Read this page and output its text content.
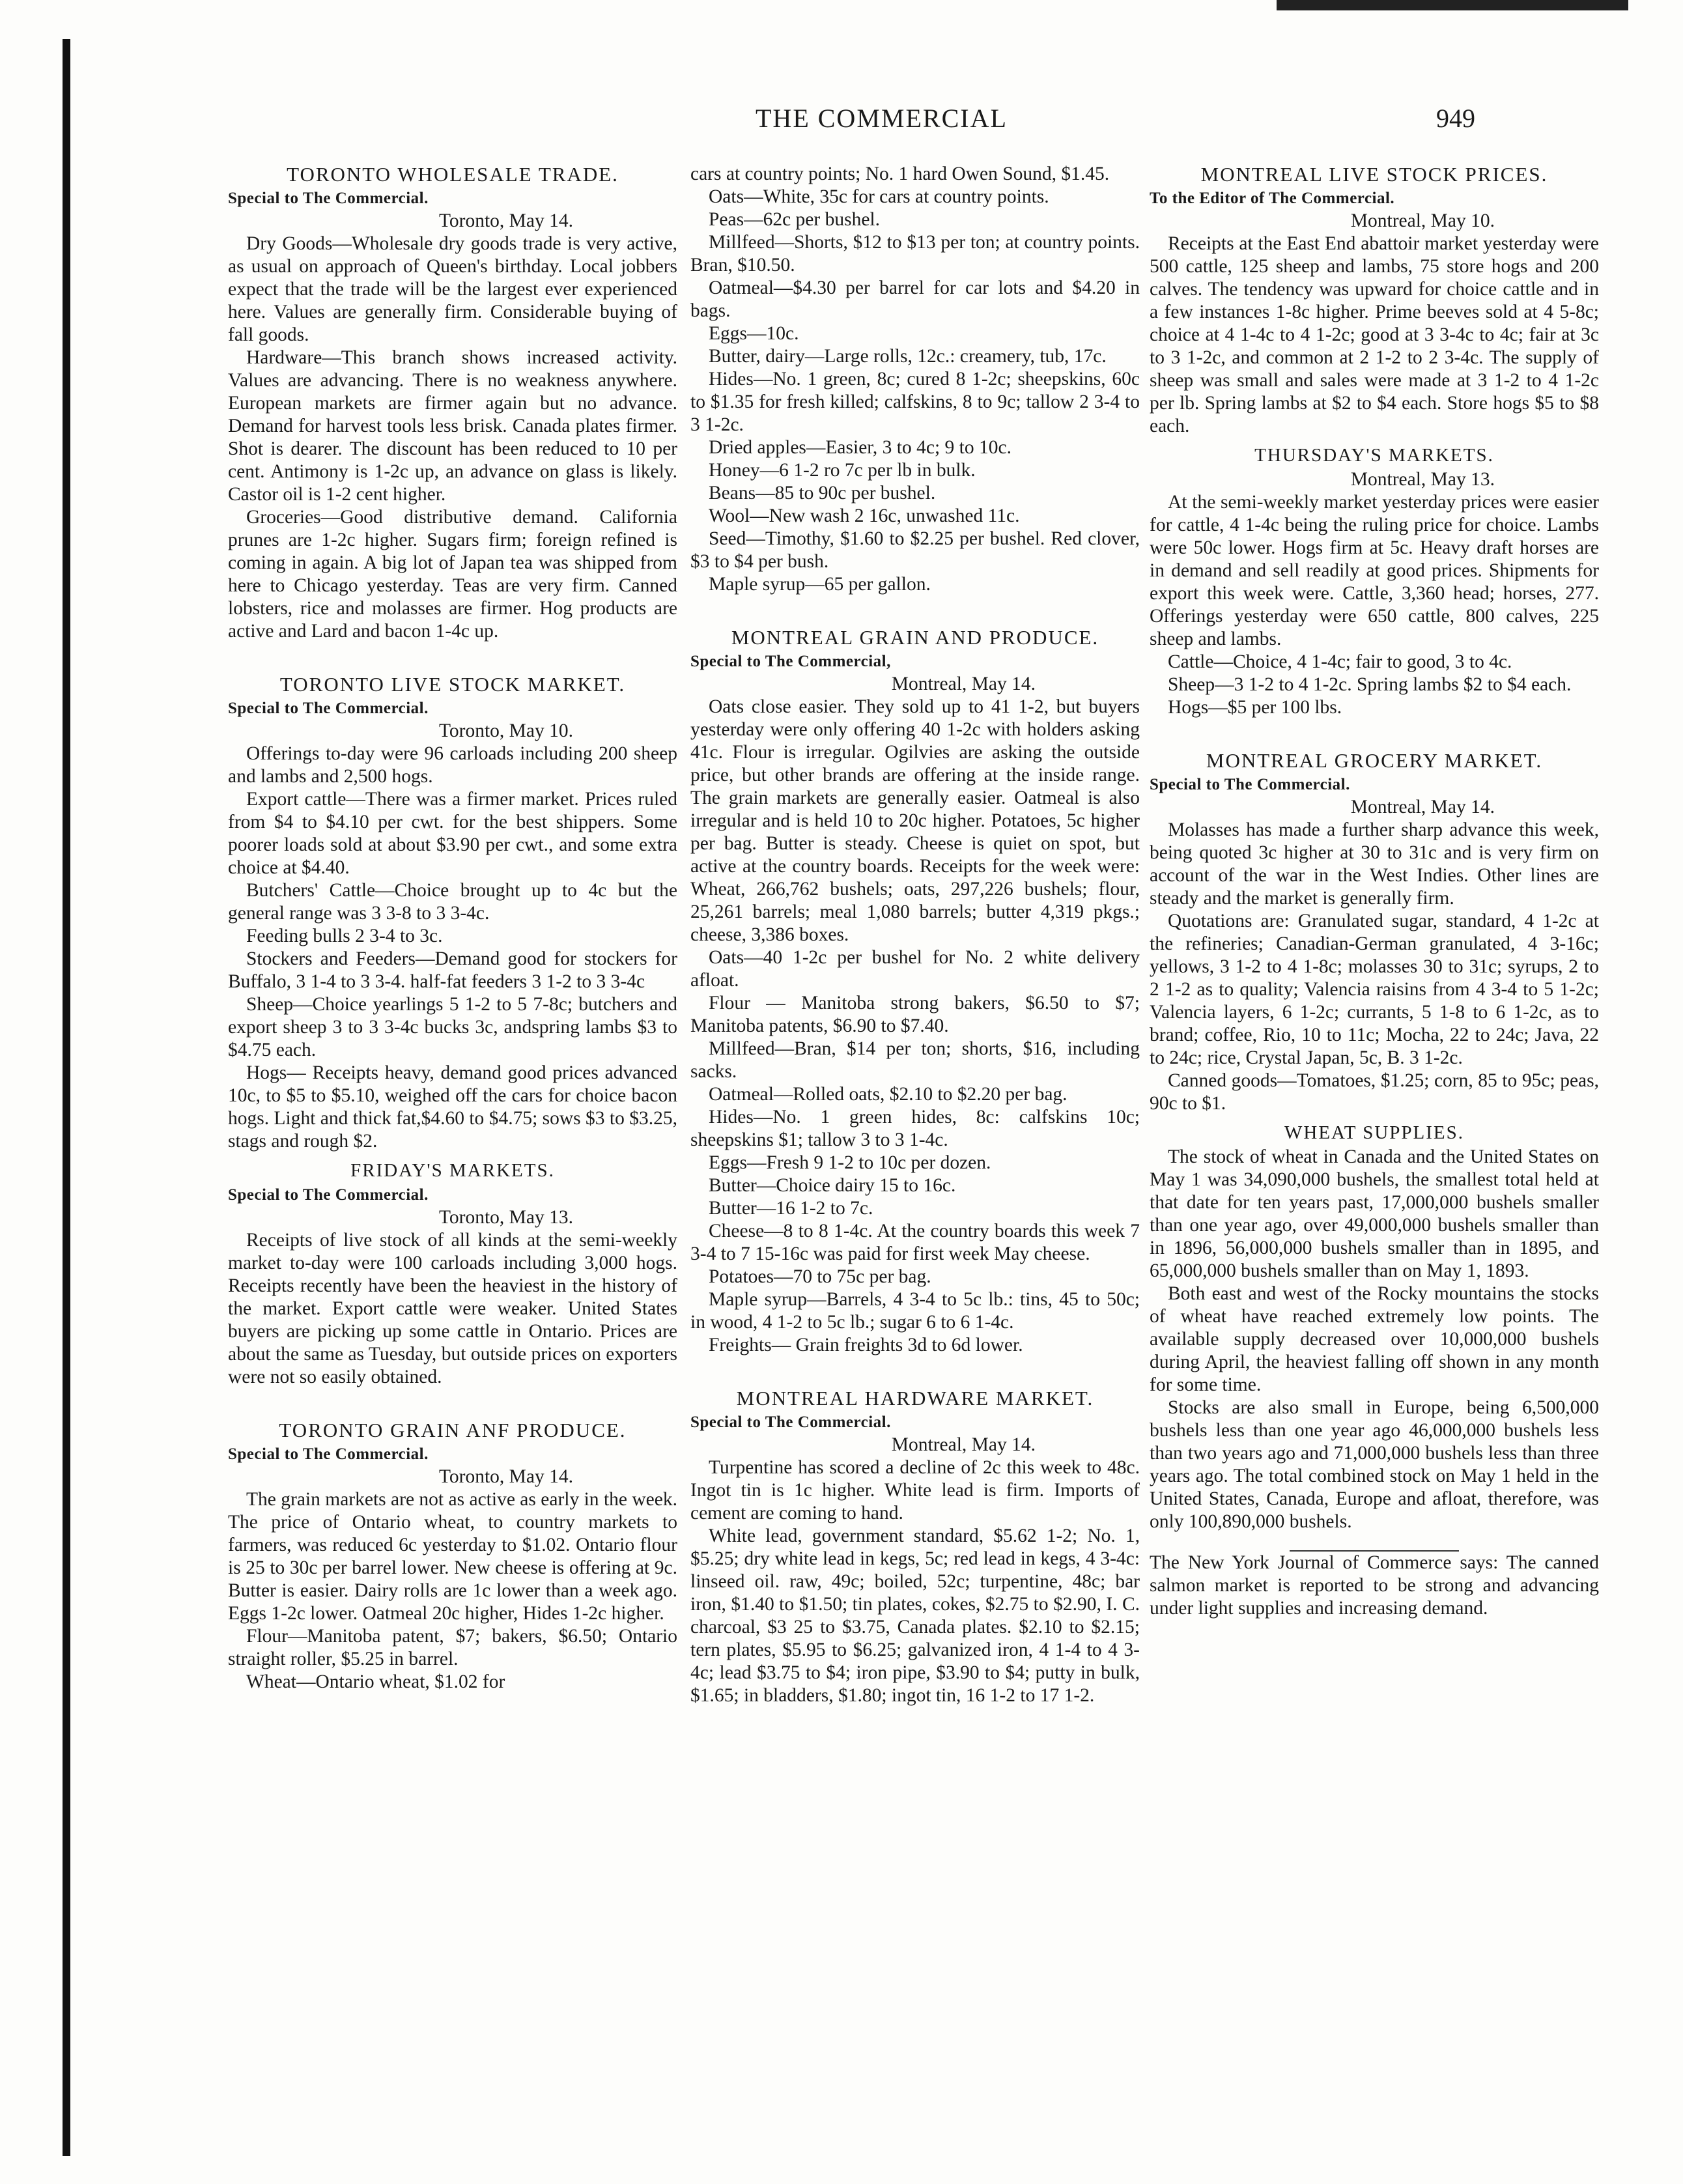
THE COMMERCIAL	949
TORONTO WHOLESALE TRADE.
Special to The Commercial.
Toronto, May 14.

Dry Goods—Wholesale dry goods trade is very active, as usual on approach of Queen's birthday. Local jobbers expect that the trade will be the largest ever experienced here. Values are generally firm. Considerable buying of fall goods.

Hardware—This branch shows increased activity. Values are advancing. There is no weakness anywhere. European markets are firmer again but no advance. Demand for harvest tools less brisk. Canada plates firmer. Shot is dearer. The discount has been reduced to 10 per cent. Antimony is 1-2c up, an advance on glass is likely. Castor oil is 1-2 cent higher.

Groceries—Good distributive demand. California prunes are 1-2c higher. Sugars firm; foreign refined is coming in again. A big lot of Japan tea was shipped from here to Chicago yesterday. Teas are very firm. Canned lobsters, rice and molasses are firmer. Hog products are active and Lard and bacon 1-4c up.

TORONTO LIVE STOCK MARKET.
Special to The Commercial.
Toronto, May 10.

Offerings to-day were 96 carloads including 200 sheep and lambs and 2,500 hogs.

Export cattle—There was a firmer market. Prices ruled from $4 to $4.10 per cwt. for the best shippers. Some poorer loads sold at about $3.90 per cwt., and some extra choice at $4.40.

Butchers' Cattle—Choice brought up to 4c but the general range was 3 3-8 to 3 3-4c.

Feeding bulls 2 3-4 to 3c.

Stockers and Feeders—Demand good for stockers for Buffalo, 3 1-4 to 3 3-4. half-fat feeders 3 1-2 to 3 3-4c

Sheep—Choice yearlings 5 1-2 to 5 7-8c; butchers and export sheep 3 to 3 3-4c bucks 3c, andspring lambs $3 to $4.75 each.

Hogs— Receipts heavy, demand good prices advanced 10c, to $5 to $5.10, weighed off the cars for choice bacon hogs. Light and thick fat,$4.60 to $4.75; sows $3 to $3.25, stags and rough $2.

FRIDAY'S MARKETS.
Special to The Commercial.
Toronto, May 13.

Receipts of live stock of all kinds at the semi-weekly market to-day were 100 carloads including 3,000 hogs. Receipts recently have been the heaviest in the history of the market. Export cattle were weaker. United States buyers are picking up some cattle in Ontario. Prices are about the same as Tuesday, but outside prices on exporters were not so easily obtained.

TORONTO GRAIN ANF PRODUCE.
Special to The Commercial.
Toronto, May 14.

The grain markets are not as active as early in the week. The price of Ontario wheat, to country markets to farmers, was reduced 6c yesterday to $1.02. Ontario flour is 25 to 30c per barrel lower. New cheese is offering at 9c. Butter is easier. Dairy rolls are 1c lower than a week ago. Eggs 1-2c lower. Oatmeal 20c higher, Hides 1-2c higher.

Flour—Manitoba patent, $7; bakers, $6.50; Ontario straight roller, $5.25 in barrel.

Wheat—Ontario wheat, $1.02 for

cars at country points; No. 1 hard Owen Sound, $1.45.

Oats—White, 35c for cars at country points.

Peas—62c per bushel.

Millfeed—Shorts, $12 to $13 per ton; at country points. Bran, $10.50.

Oatmeal—$4.30 per barrel for car lots and $4.20 in bags.

Eggs—10c.

Butter, dairy—Large rolls, 12c.: creamery, tub, 17c.

Hides—No. 1 green, 8c; cured 8 1-2c; sheepskins, 60c to $1.35 for fresh killed; calfskins, 8 to 9c; tallow 2 3-4 to 3 1-2c.

Dried apples—Easier, 3 to 4c; 9 to 10c.

Honey—6 1-2 ro 7c per lb in bulk.

Beans—85 to 90c per bushel.

Wool—New wash 2 16c, unwashed 11c.

Seed—Timothy, $1.60 to $2.25 per bushel. Red clover, $3 to $4 per bush.

Maple syrup—65 per gallon.

MONTREAL GRAIN AND PRODUCE.
Special to The Commercial,
Montreal, May 14.

Oats close easier. They sold up to 41 1-2, but buyers yesterday were only offering 40 1-2c with holders asking 41c. Flour is irregular. Ogilvies are asking the outside price, but other brands are offering at the inside range. The grain markets are generally easier. Oatmeal is also irregular and is held 10 to 20c higher. Potatoes, 5c higher per bag. Butter is steady. Cheese is quiet on spot, but active at the country boards. Receipts for the week were: Wheat, 266,762 bushels; oats, 297,226 bushels; flour, 25,261 barrels; meal 1,080 barrels; butter 4,319 pkgs.; cheese, 3,386 boxes.

Oats—40 1-2c per bushel for No. 2 white delivery afloat.

Flour — Manitoba strong bakers, $6.50 to $7; Manitoba patents, $6.90 to $7.40.

Millfeed—Bran, $14 per ton; shorts, $16, including sacks.

Oatmeal—Rolled oats, $2.10 to $2.20 per bag.

Hides—No. 1 green hides, 8c: calfskins 10c; sheepskins $1; tallow 3 to 3 1-4c.

Eggs—Fresh 9 1-2 to 10c per dozen.

Butter—Choice dairy 15 to 16c.

Butter—16 1-2 to 7c.

Cheese—8 to 8 1-4c. At the country boards this week 7 3-4 to 7 15-16c was paid for first week May cheese.

Potatoes—70 to 75c per bag.

Maple syrup—Barrels, 4 3-4 to 5c lb.: tins, 45 to 50c; in wood, 4 1-2 to 5c lb.; sugar 6 to 6 1-4c.

Freights— Grain freights 3d to 6d lower.

MONTREAL HARDWARE MARKET.
Special to The Commercial.
Montreal, May 14.

Turpentine has scored a decline of 2c this week to 48c. Ingot tin is 1c higher. White lead is firm. Imports of cement are coming to hand.

White lead, government standard, $5.62 1-2; No. 1, $5.25; dry white lead in kegs, 5c; red lead in kegs, 4 3-4c: linseed oil. raw, 49c; boiled, 52c; turpentine, 48c; bar iron, $1.40 to $1.50; tin plates, cokes, $2.75 to $2.90, I. C. charcoal, $3 25 to $3.75, Canada plates. $2.10 to $2.15; tern plates, $5.95 to $6.25; galvanized iron, 4 1-4 to 4 3-4c; lead $3.75 to $4; iron pipe, $3.90 to $4; putty in bulk, $1.65; in bladders, $1.80; ingot tin, 16 1-2 to 17 1-2.

MONTREAL LIVE STOCK PRICES.
To the Editor of The Commercial.
Montreal, May 10.

Receipts at the East End abattoir market yesterday were 500 cattle, 125 sheep and lambs, 75 store hogs and 200 calves. The tendency was upward for choice cattle and in a few instances 1-8c higher. Prime beeves sold at 4 5-8c; choice at 4 1-4c to 4 1-2c; good at 3 3-4c to 4c; fair at 3c to 3 1-2c, and common at 2 1-2 to 2 3-4c. The supply of sheep was small and sales were made at 3 1-2 to 4 1-2c per lb. Spring lambs at $2 to $4 each. Store hogs $5 to $8 each.

THURSDAY'S MARKETS.
Montreal, May 13.

At the semi-weekly market yesterday prices were easier for cattle, 4 1-4c being the ruling price for choice. Lambs were 50c lower. Hogs firm at 5c. Heavy draft horses are in demand and sell readily at good prices. Shipments for export this week were. Cattle, 3,360 head; horses, 277. Offerings yesterday were 650 cattle, 800 calves, 225 sheep and lambs.

Cattle—Choice, 4 1-4c; fair to good, 3 to 4c.

Sheep—3 1-2 to 4 1-2c. Spring lambs $2 to $4 each.

Hogs—$5 per 100 lbs.

MONTREAL GROCERY MARKET.
Special to The Commercial.
Montreal, May 14.

Molasses has made a further sharp advance this week, being quoted 3c higher at 30 to 31c and is very firm on account of the war in the West Indies. Other lines are steady and the market is generally firm.

Quotations are: Granulated sugar, standard, 4 1-2c at the refineries; Canadian-German granulated, 4 3-16c; yellows, 3 1-2 to 4 1-8c; molasses 30 to 31c; syrups, 2 to 2 1-2 as to quality; Valencia raisins from 4 3-4 to 5 1-2c; Valencia layers, 6 1-2c; currants, 5 1-8 to 6 1-2c, as to brand; coffee, Rio, 10 to 11c; Mocha, 22 to 24c; Java, 22 to 24c; rice, Crystal Japan, 5c, B. 3 1-2c.

Canned goods—Tomatoes, $1.25; corn, 85 to 95c; peas, 90c to $1.

WHEAT SUPPLIES.

The stock of wheat in Canada and the United States on May 1 was 34,090,000 bushels, the smallest total held at that date for ten years past, 17,000,000 bushels smaller than one year ago, over 49,000,000 bushels smaller than in 1896, 56,000,000 bushels smaller than in 1895, and 65,000,000 bushels smaller than on May 1, 1893.

Both east and west of the Rocky mountains the stocks of wheat have reached extremely low points. The available supply decreased over 10,000,000 bushels during April, the heaviest falling off shown in any month for some time.

Stocks are also small in Europe, being 6,500,000 bushels less than one year ago 46,000,000 bushels less than two years ago and 71,000,000 bushels less than three years ago. The total combined stock on May 1 held in the United States, Canada, Europe and afloat, therefore, was only 100,890,000 bushels.

The New York Journal of Commerce says: The canned salmon market is reported to be strong and advancing under light supplies and increasing demand.
